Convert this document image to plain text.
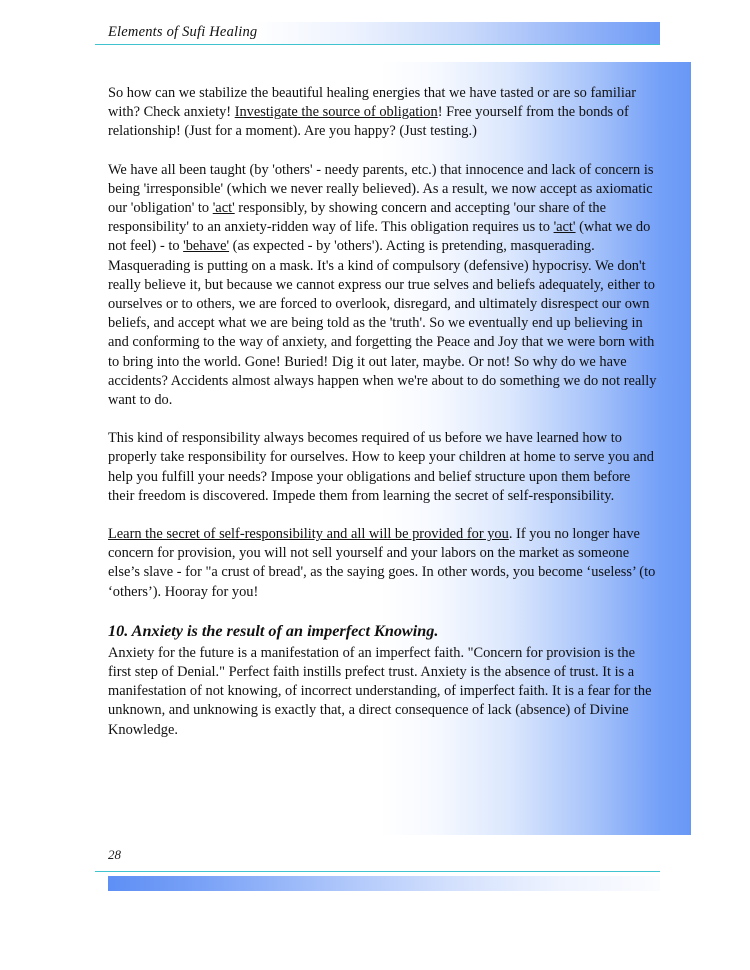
Elements of Sufi Healing

So how can we stabilize the beautiful healing energies that we have tasted or are so familiar with? Check anxiety! Investigate the source of obligation! Free yourself from the bonds of relationship! (Just for a moment). Are you happy? (Just testing.)

We have all been taught (by 'others' - needy parents, etc.) that innocence and lack of concern is being 'irresponsible' (which we never really believed). As a result, we now accept as axiomatic our 'obligation' to 'act' responsibly, by showing concern and accepting 'our share of the responsibility' to an anxiety-ridden way of life. This obligation requires us to 'act' (what we do not feel) - to 'behave' (as expected - by 'others'). Acting is pretending, masquerading. Masquerading is putting on a mask. It's a kind of compulsory (defensive) hypocrisy. We don't really believe it, but because we cannot express our true selves and beliefs adequately, either to ourselves or to others, we are forced to overlook, disregard, and ultimately disrespect our own beliefs, and accept what we are being told as the 'truth'. So we eventually end up believing in and conforming to the way of anxiety, and forgetting the Peace and Joy that we were born with to bring into the world. Gone! Buried! Dig it out later, maybe. Or not! So why do we have accidents? Accidents almost always happen when we're about to do something we do not really want to do.

This kind of responsibility always becomes required of us before we have learned how to properly take responsibility for ourselves. How to keep your children at home to serve you and help you fulfill your needs? Impose your obligations and belief structure upon them before their freedom is discovered. Impede them from learning the secret of self-responsibility.

Learn the secret of self-responsibility and all will be provided for you. If you no longer have concern for provision, you will not sell yourself and your labors on the market as someone else’s slave - for "a crust of bread', as the saying goes. In other words, you become ‘useless’ (to ‘others’). Hooray for you!

10. Anxiety is the result of an imperfect Knowing.

Anxiety for the future is a manifestation of an imperfect faith. "Concern for provision is the first step of Denial." Perfect faith instills prefect trust. Anxiety is the absence of trust. It is a manifestation of not knowing, of incorrect understanding, of imperfect faith. It is a fear for the unknown, and unknowing is exactly that, a direct consequence of lack (absence) of Divine Knowledge.

28
